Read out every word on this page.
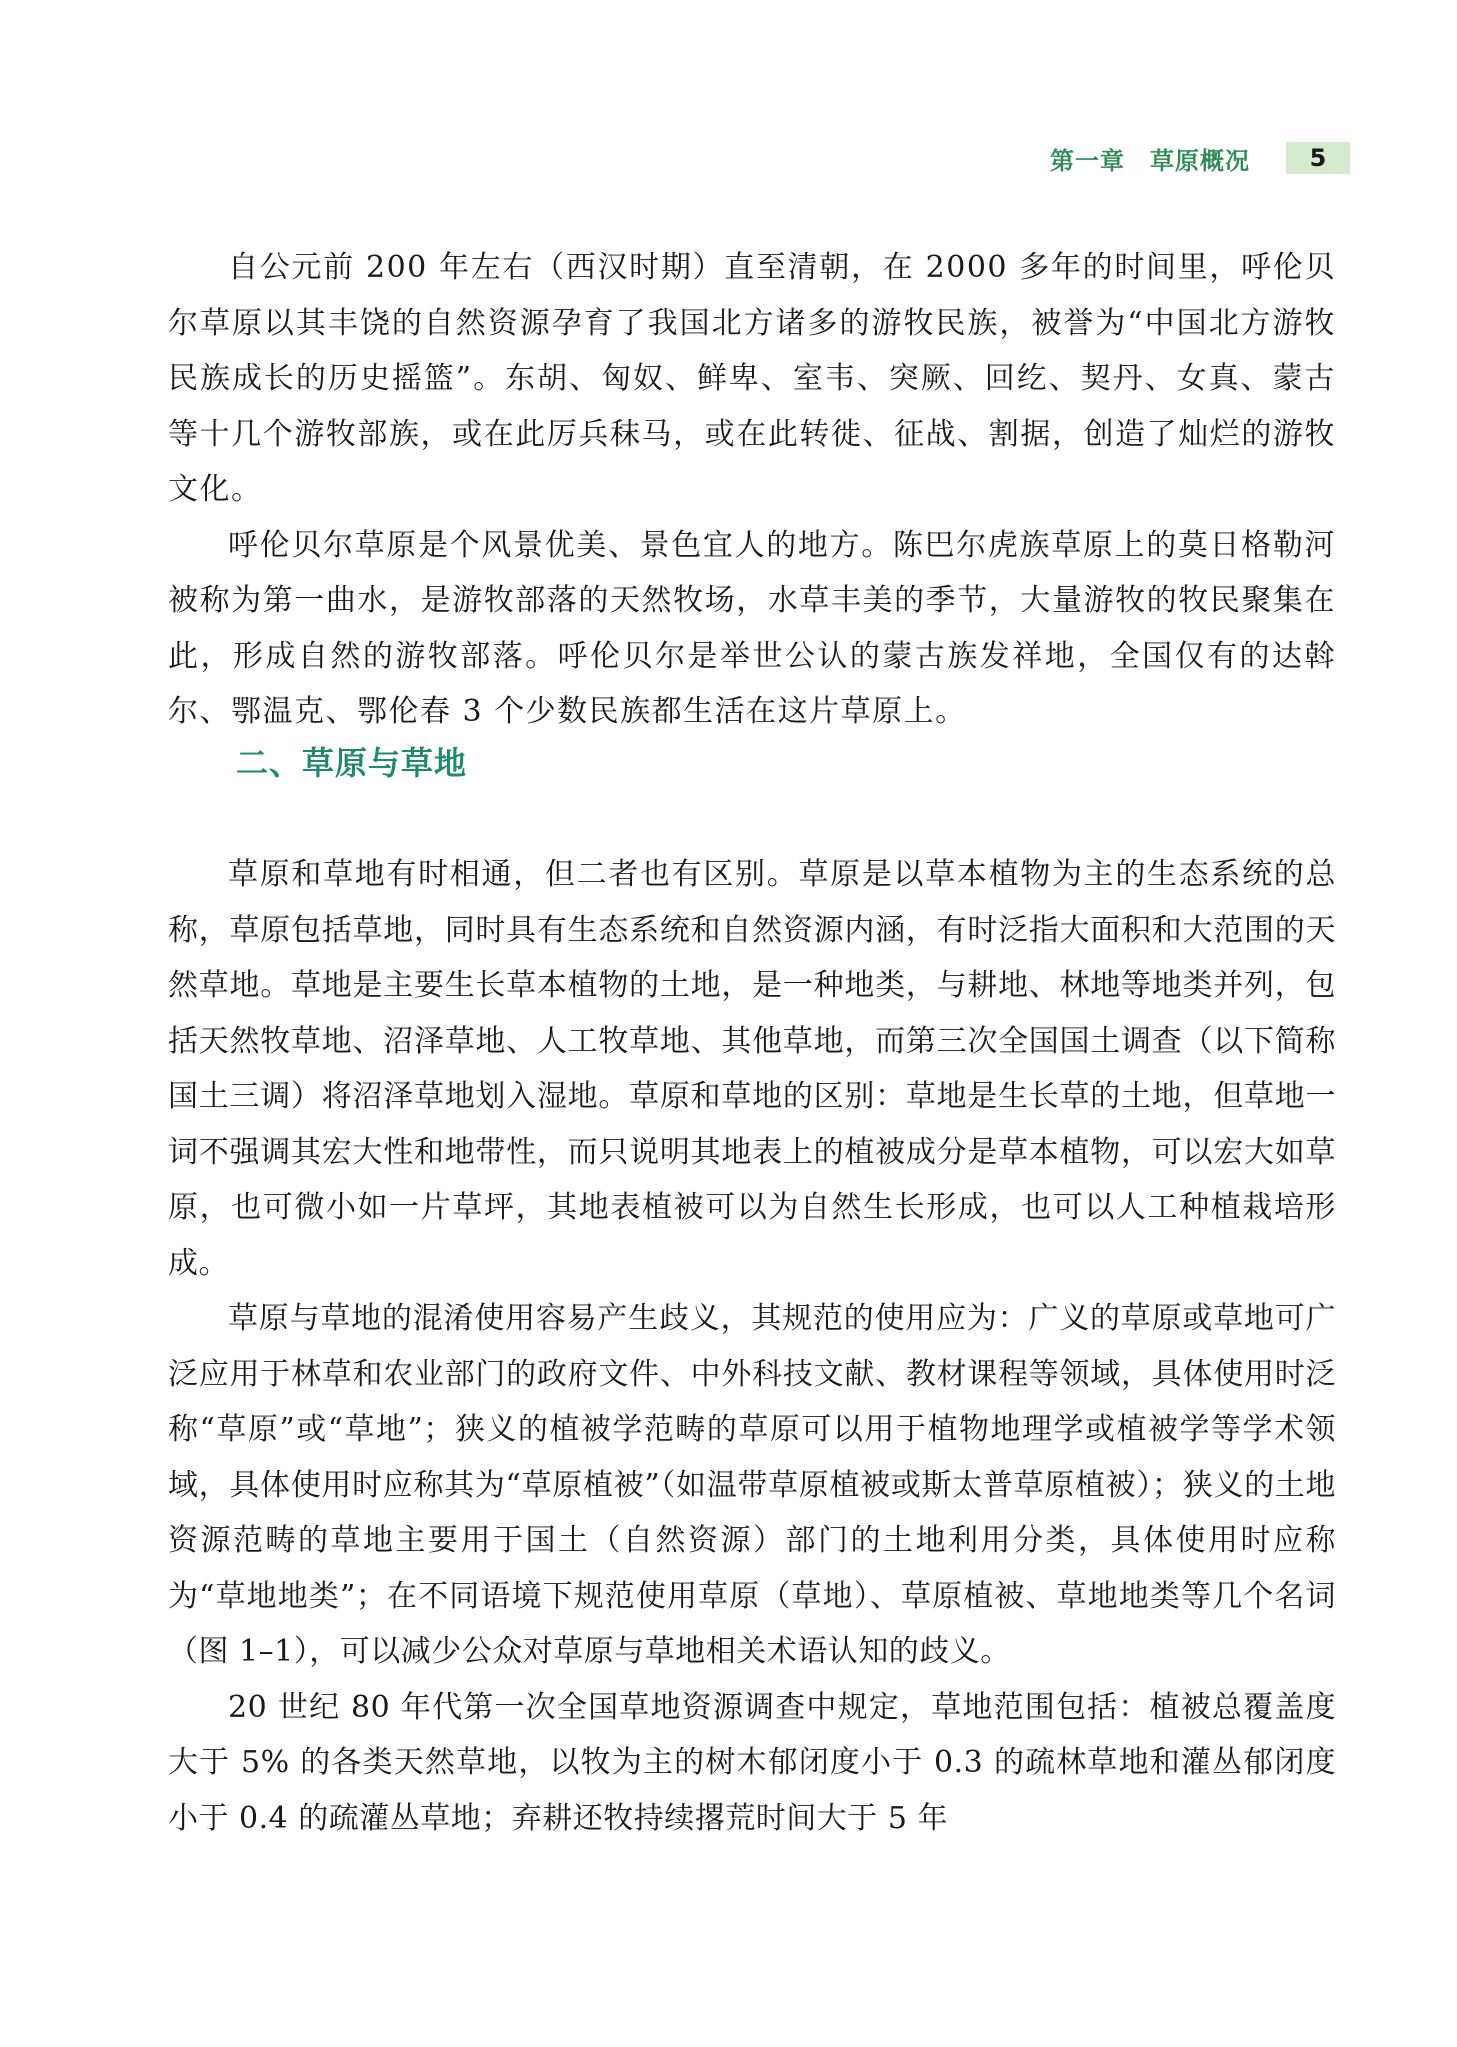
第一章　草原概况	5

自公元前 200 年左右（西汉时期）直至清朝，在 2000 多年的时间里，呼伦贝尔草原以其丰饶的自然资源孕育了我国北方诸多的游牧民族，被誉为“中国北方游牧民族成长的历史摇篮”。东胡、匈奴、鲜卑、室韦、突厥、回纥、契丹、女真、蒙古等十几个游牧部族，或在此厉兵秣马，或在此转徙、征战、割据，创造了灿烂的游牧文化。

呼伦贝尔草原是个风景优美、景色宜人的地方。陈巴尔虎族草原上的莫日格勒河被称为第一曲水，是游牧部落的天然牧场，水草丰美的季节，大量游牧的牧民聚集在此，形成自然的游牧部落。呼伦贝尔是举世公认的蒙古族发祥地，全国仅有的达斡尔、鄂温克、鄂伦春 3 个少数民族都生活在这片草原上。

二、草原与草地

草原和草地有时相通，但二者也有区别。草原是以草本植物为主的生态系统的总称，草原包括草地，同时具有生态系统和自然资源内涵，有时泛指大面积和大范围的天然草地。草地是主要生长草本植物的土地，是一种地类，与耕地、林地等地类并列，包括天然牧草地、沼泽草地、人工牧草地、其他草地，而第三次全国国土调查（以下简称国土三调）将沼泽草地划入湿地。草原和草地的区别：草地是生长草的土地，但草地一词不强调其宏大性和地带性，而只说明其地表上的植被成分是草本植物，可以宏大如草原，也可微小如一片草坪，其地表植被可以为自然生长形成，也可以人工种植栽培形成。

草原与草地的混淆使用容易产生歧义，其规范的使用应为：广义的草原或草地可广泛应用于林草和农业部门的政府文件、中外科技文献、教材课程等领域，具体使用时泛称“草原”或“草地”；狭义的植被学范畴的草原可以用于植物地理学或植被学等学术领域，具体使用时应称其为“草原植被”（如温带草原植被或斯太普草原植被）；狭义的土地资源范畴的草地主要用于国土（自然资源）部门的土地利用分类，具体使用时应称为“草地地类”；在不同语境下规范使用草原（草地）、草原植被、草地地类等几个名词（图 1–1），可以减少公众对草原与草地相关术语认知的歧义。

20 世纪 80 年代第一次全国草地资源调查中规定，草地范围包括：植被总覆盖度大于 5% 的各类天然草地，以牧为主的树木郁闭度小于 0.3 的疏林草地和灌丛郁闭度小于 0.4 的疏灌丛草地；弃耕还牧持续撂荒时间大于 5 年
